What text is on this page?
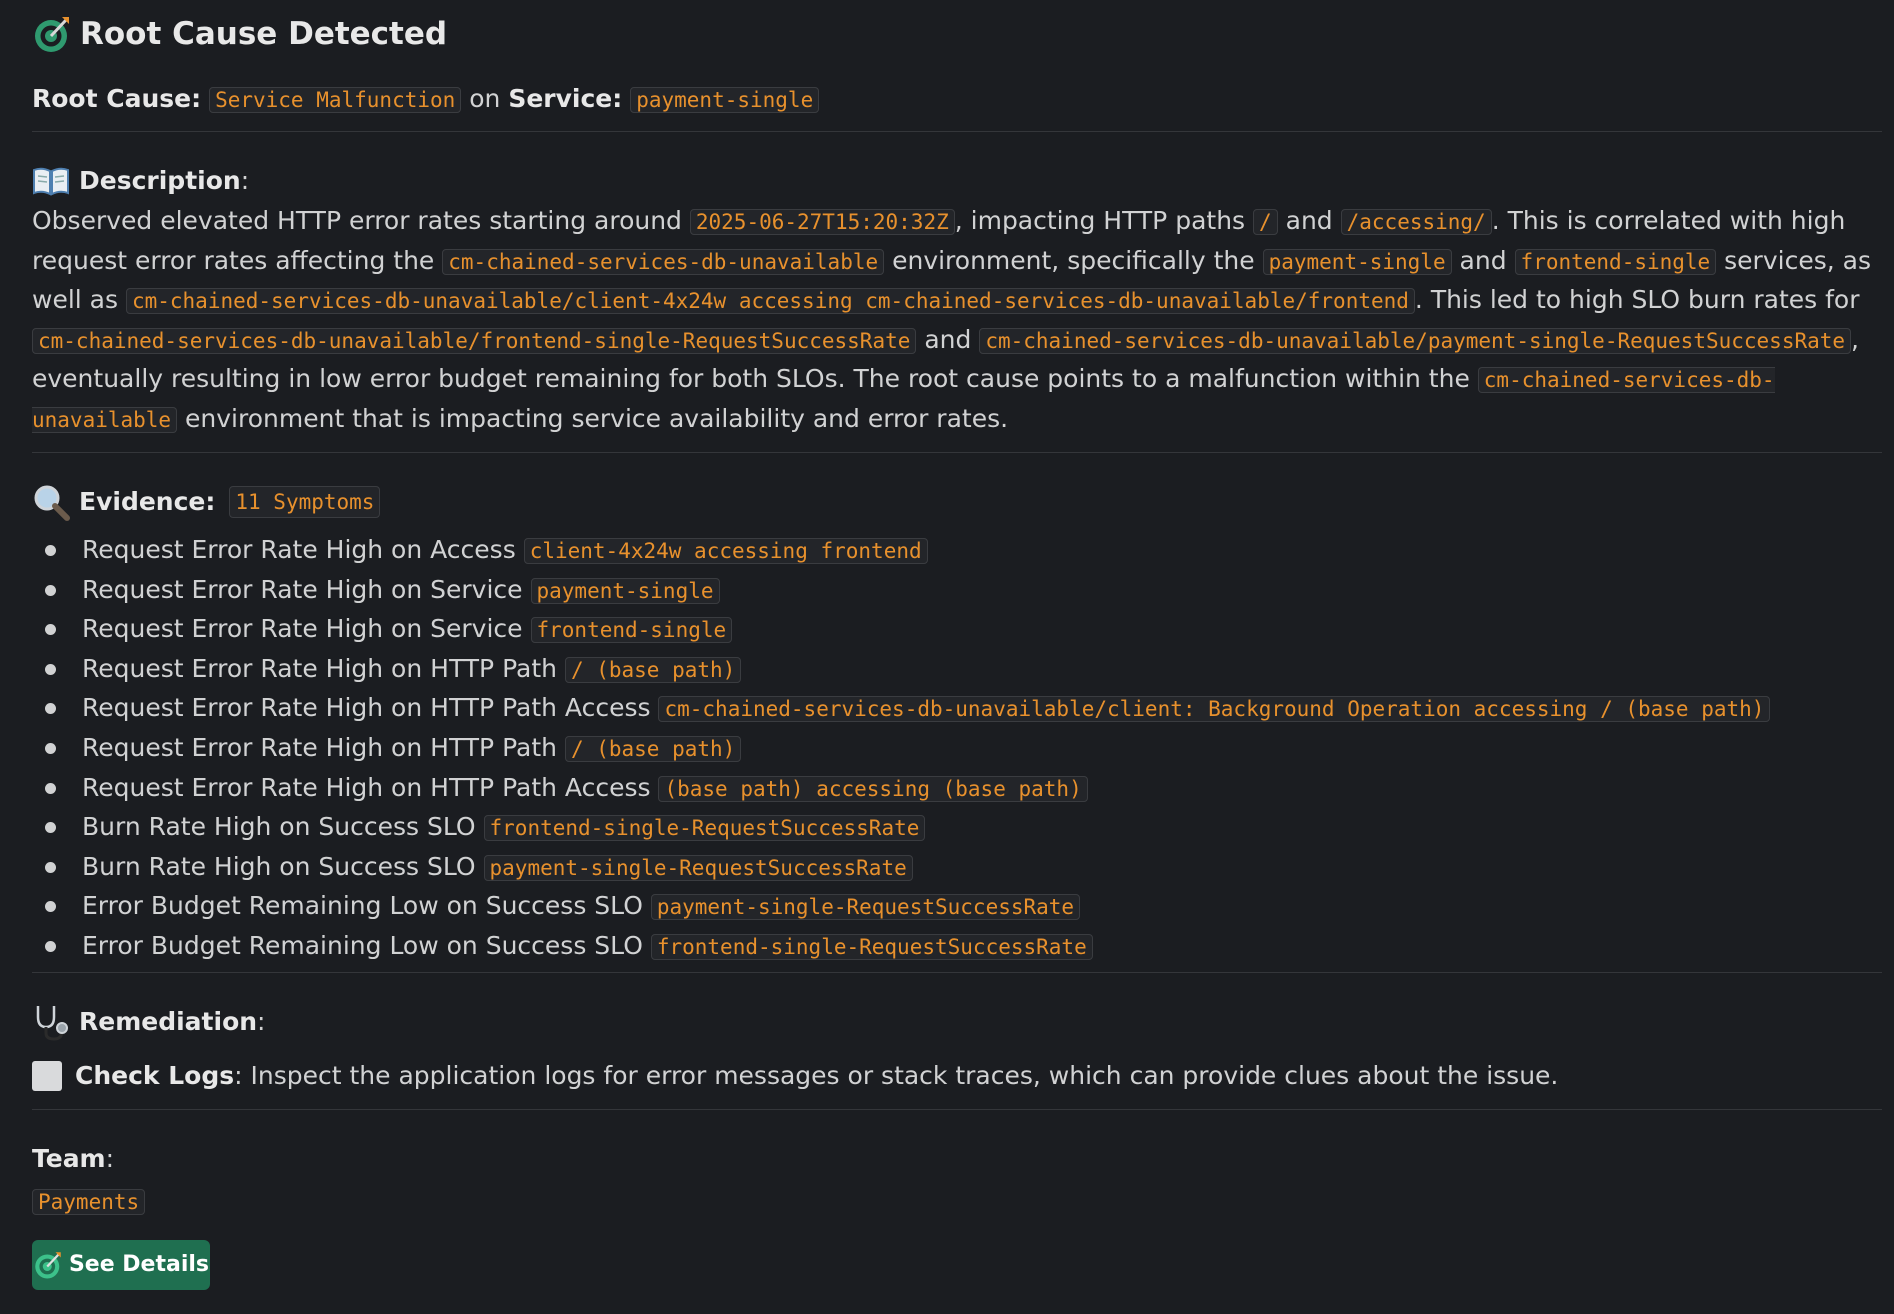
Root Cause Detected
Root Cause: Service Malfunction on Service: payment-single
Description :
Observed elevated HTTP error rates starting around 2025-06-27T15:20:32Z , impacting HTTP paths / and /accessing/ . This is correlated with high request error rates affecting the cm-chained-services-db-unavailable environment, specifically the payment-single and frontend-single services, as well as cm-chained-services-db-unavailable/client-4x24w accessing cm-chained-services-db-unavailable/frontend . This led to high SLO burn rates for cm-chained-services-db-unavailable/frontend-single-RequestSuccessRate and cm-chained-services-db-unavailable/payment-single-RequestSuccessRate , eventually resulting in low error budget remaining for both SLOs. The root cause points to a malfunction within the cm-chained-services-db-unavailable environment that is impacting service availability and error rates.
Evidence: 11 Symptoms
Request Error Rate High on Access client-4x24w accessing frontend
Request Error Rate High on Service payment-single
Request Error Rate High on Service frontend-single
Request Error Rate High on HTTP Path / (base path)
Request Error Rate High on HTTP Path Access cm-chained-services-db-unavailable/client: Background Operation accessing / (base path)
Request Error Rate High on HTTP Path / (base path)
Request Error Rate High on HTTP Path Access (base path) accessing (base path)
Burn Rate High on Success SLO frontend-single-RequestSuccessRate
Burn Rate High on Success SLO payment-single-RequestSuccessRate
Error Budget Remaining Low on Success SLO payment-single-RequestSuccessRate
Error Budget Remaining Low on Success SLO frontend-single-RequestSuccessRate
Remediation :
Check Logs : Inspect the application logs for error messages or stack traces, which can provide clues about the issue.
Team :
Payments
See Details
